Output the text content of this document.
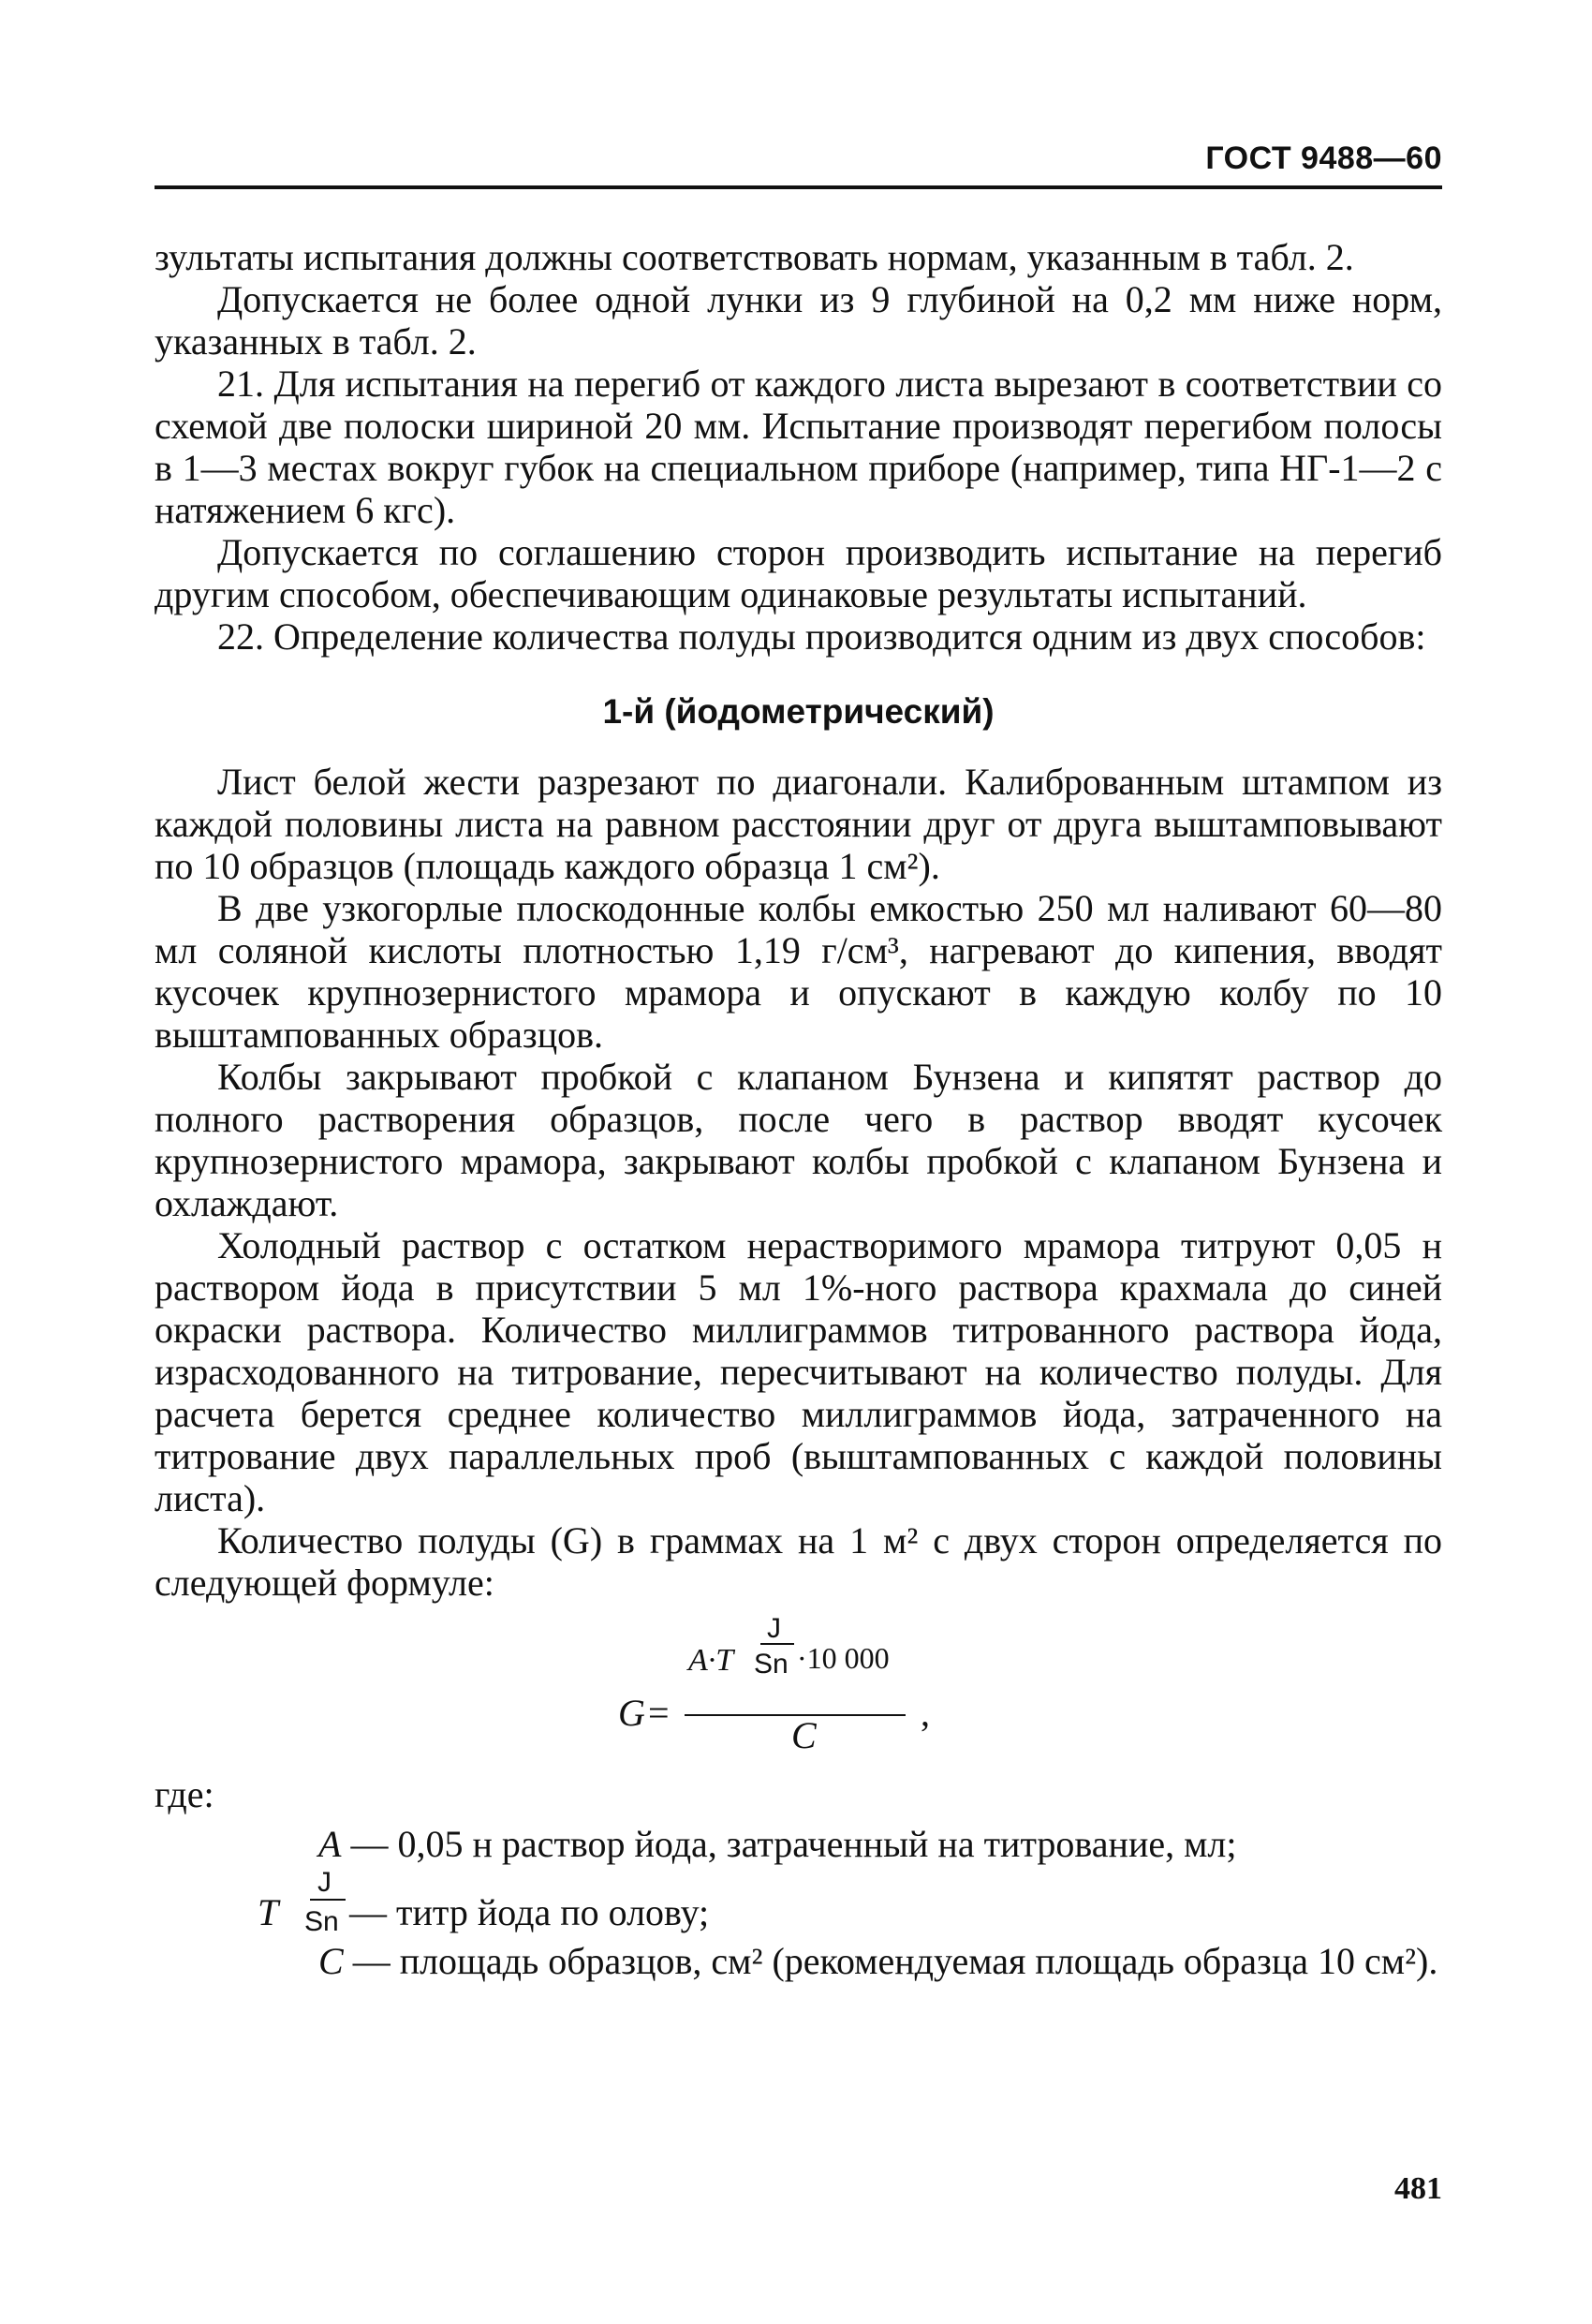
ГОСТ 9488—60

зультаты испытания должны соответствовать нормам, указанным в табл. 2.

Допускается не более одной лунки из 9 глубиной на 0,2 мм ниже норм, указанных в табл. 2.

21. Для испытания на перегиб от каждого листа вырезают в соответствии со схемой две полоски шириной 20 мм. Испытание производят перегибом полосы в 1—3 местах вокруг губок на специальном приборе (например, типа НГ-1—2 с натяжением 6 кгс).

Допускается по соглашению сторон производить испытание на перегиб другим способом, обеспечивающим одинаковые результаты испытаний.

22. Определение количества полуды производится одним из двух способов:

1-й (йодометрический)

Лист белой жести разрезают по диагонали. Калиброванным штампом из каждой половины листа на равном расстоянии друг от друга выштамповывают по 10 образцов (площадь каждого образца 1 см²).

В две узкогорлые плоскодонные колбы емкостью 250 мл наливают 60—80 мл соляной кислоты плотностью 1,19 г/см³, нагревают до кипения, вводят кусочек крупнозернистого мрамора и опускают в каждую колбу по 10 выштампованных образцов.

Колбы закрывают пробкой с клапаном Бунзена и кипятят раствор до полного растворения образцов, после чего в раствор вводят кусочек крупнозернистого мрамора, закрывают колбы пробкой с клапаном Бунзена и охлаждают.

Холодный раствор с остатком нерастворимого мрамора титруют 0,05 н раствором йода в присутствии 5 мл 1%-ного раствора крахмала до синей окраски раствора. Количество миллиграммов титрованного раствора йода, израсходованного на титрование, пересчитывают на количество полуды. Для расчета берется среднее количество миллиграммов йода, затраченного на титрование двух параллельных проб (выштампованных с каждой половины листа).

Количество полуды (G) в граммах на 1 м² с двух сторон определяется по следующей формуле:

G =
A·T
J
Sn ·10 000
C
,

где:

A — 0,05 н раствор йода, затраченный на титрование, мл;
T
J
Sn — титр йода по олову;
C — площадь образцов, см² (рекомендуемая площадь образца 10 см²).
481
